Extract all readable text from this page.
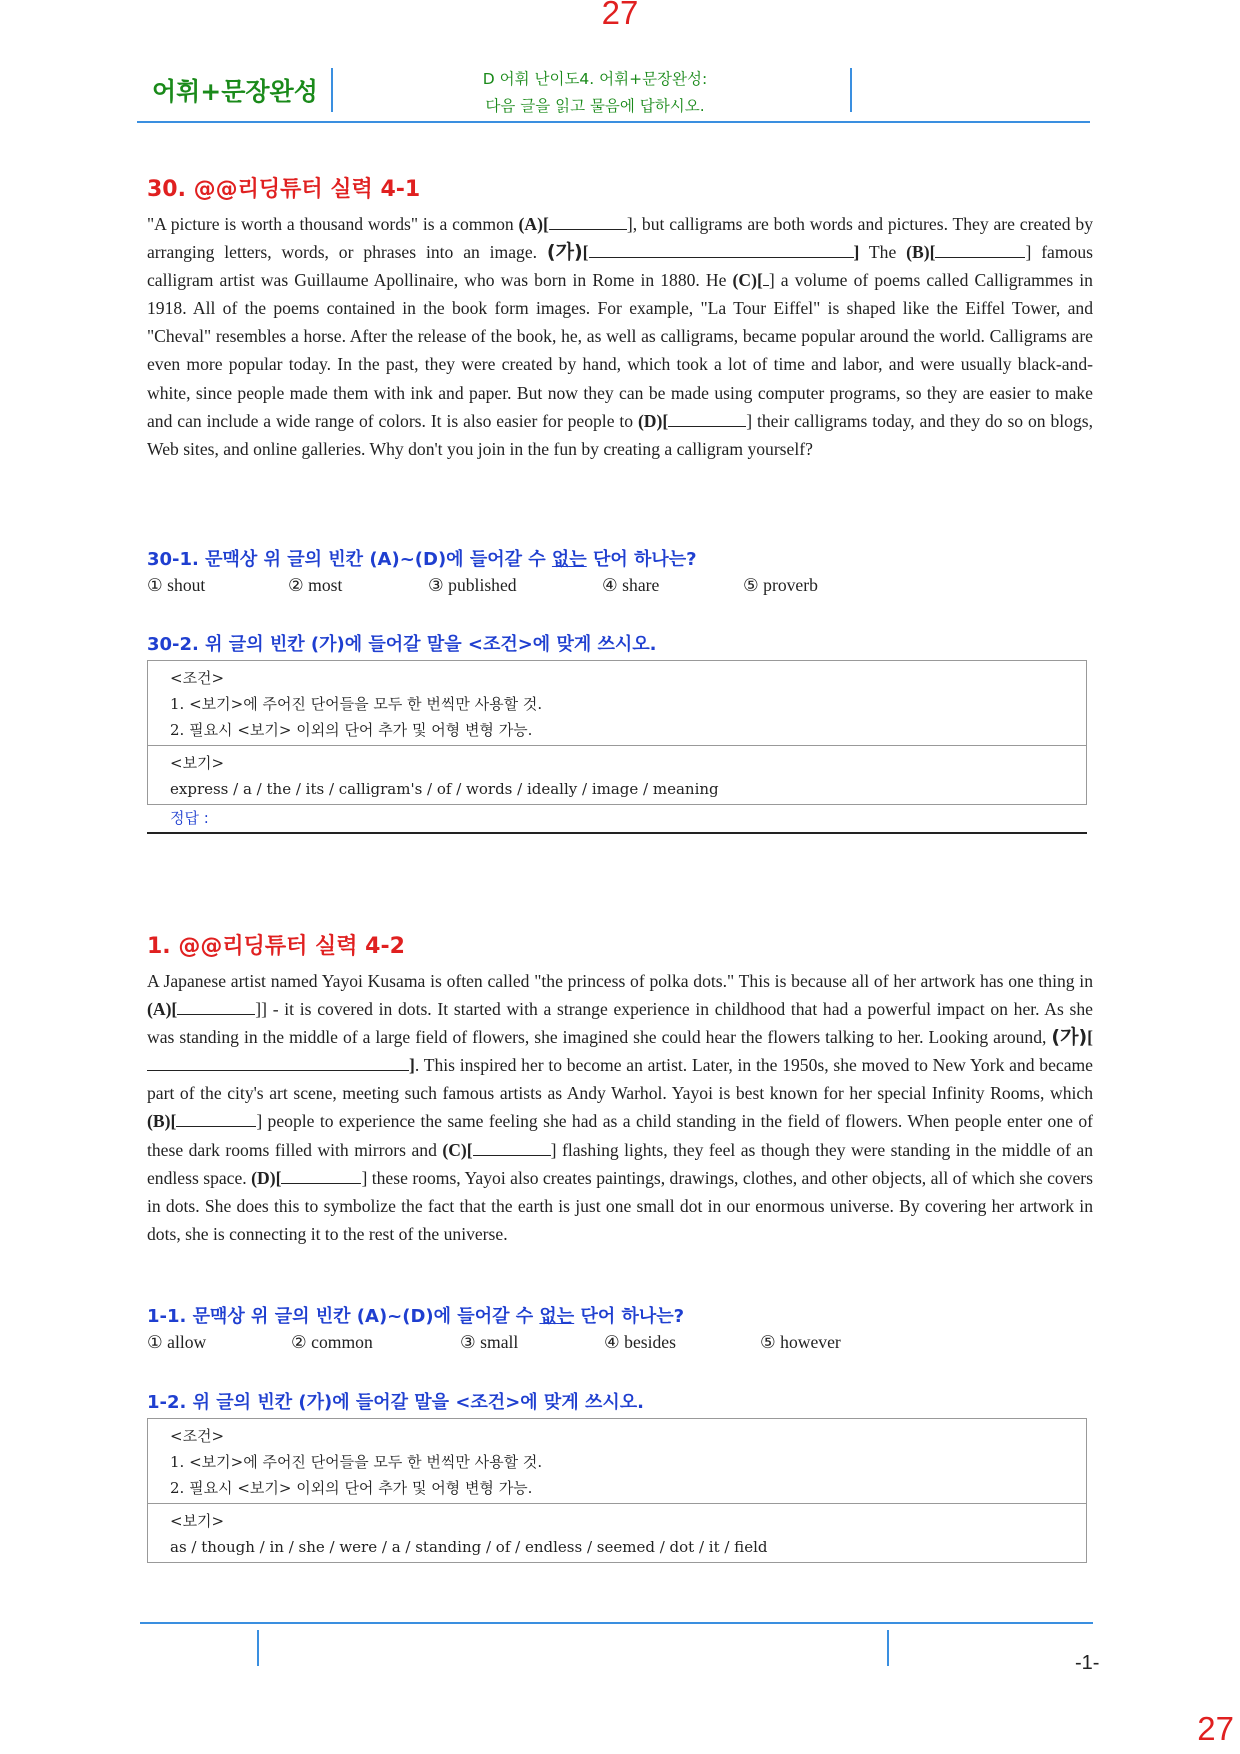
27
27
어휘+문장완성	D 어휘 난이도4. 어휘+문장완성:
다음 글을 읽고 물음에 답하시오.
30. @@리딩튜터 실력 4-1
"A picture is worth a thousand words" is a common (A)[	], but calligrams are both words and pictures. They are created by arranging letters, words, or phrases into an image. (가)[	] The (B)[	] famous calligram artist was Guillaume Apollinaire, who was born in Rome in 1880. He (C)[ ] a volume of poems called Calligrammes in 1918. All of the poems contained in the book form images. For example, "La Tour Eiffel" is shaped like the Eiffel Tower, and "Cheval" resembles a horse. After the release of the book, he, as well as calligrams, became popular around the world. Calligrams are even more popular today. In the past, they were created by hand, which took a lot of time and labor, and were usually black-and-white, since people made them with ink and paper. But now they can be made using computer programs, so they are easier to make and can include a wide range of colors. It is also easier for people to (D)[	] their calligrams today, and they do so on blogs, Web sites, and online galleries. Why don't you join in the fun by creating a calligram yourself?
30-1. 문맥상 위 글의 빈칸 (A)~(D)에 들어갈 수 없는 단어 하나는?
① shout	② most	③ published	④ share	⑤ proverb
30-2. 위 글의 빈칸 (가)에 들어갈 말을 <조건>에 맞게 쓰시오.
<조건>
1. <보기>에 주어진 단어들을 모두 한 번씩만 사용할 것.
2. 필요시 <보기> 이외의 단어 추가 및 어형 변형 가능.
<보기>
express / a / the / its / calligram's / of / words / ideally / image / meaning
정답 :
1. @@리딩튜터 실력 4-2
A Japanese artist named Yayoi Kusama is often called "the princess of polka dots." This is because all of her artwork has one thing in (A)[	]] - it is covered in dots. It started with a strange experience in childhood that had a powerful impact on her. As she was standing in the middle of a large field of flowers, she imagined she could hear the flowers talking to her. Looking around, (가)[]. This inspired her to become an artist. Later, in the 1950s, she moved to New York and became part of the city's art scene, meeting such famous artists as Andy Warhol. Yayoi is best known for her special Infinity Rooms, which (B)[	] people to experience the same feeling she had as a child standing in the field of flowers. When people enter one of these dark rooms filled with mirrors and (C)[	] flashing lights, they feel as though they were standing in the middle of an endless space. (D)[	] these rooms, Yayoi also creates paintings, drawings, clothes, and other objects, all of which she covers in dots. She does this to symbolize the fact that the earth is just one small dot in our enormous universe. By covering her artwork in dots, she is connecting it to the rest of the universe.
1-1. 문맥상 위 글의 빈칸 (A)~(D)에 들어갈 수 없는 단어 하나는?
① allow	② common	③ small	④ besides	⑤ however
1-2. 위 글의 빈칸 (가)에 들어갈 말을 <조건>에 맞게 쓰시오.
<조건>
1. <보기>에 주어진 단어들을 모두 한 번씩만 사용할 것.
2. 필요시 <보기> 이외의 단어 추가 및 어형 변형 가능.
<보기>
as / though / in / she / were / a / standing / of / endless / seemed / dot / it / field
-1-
